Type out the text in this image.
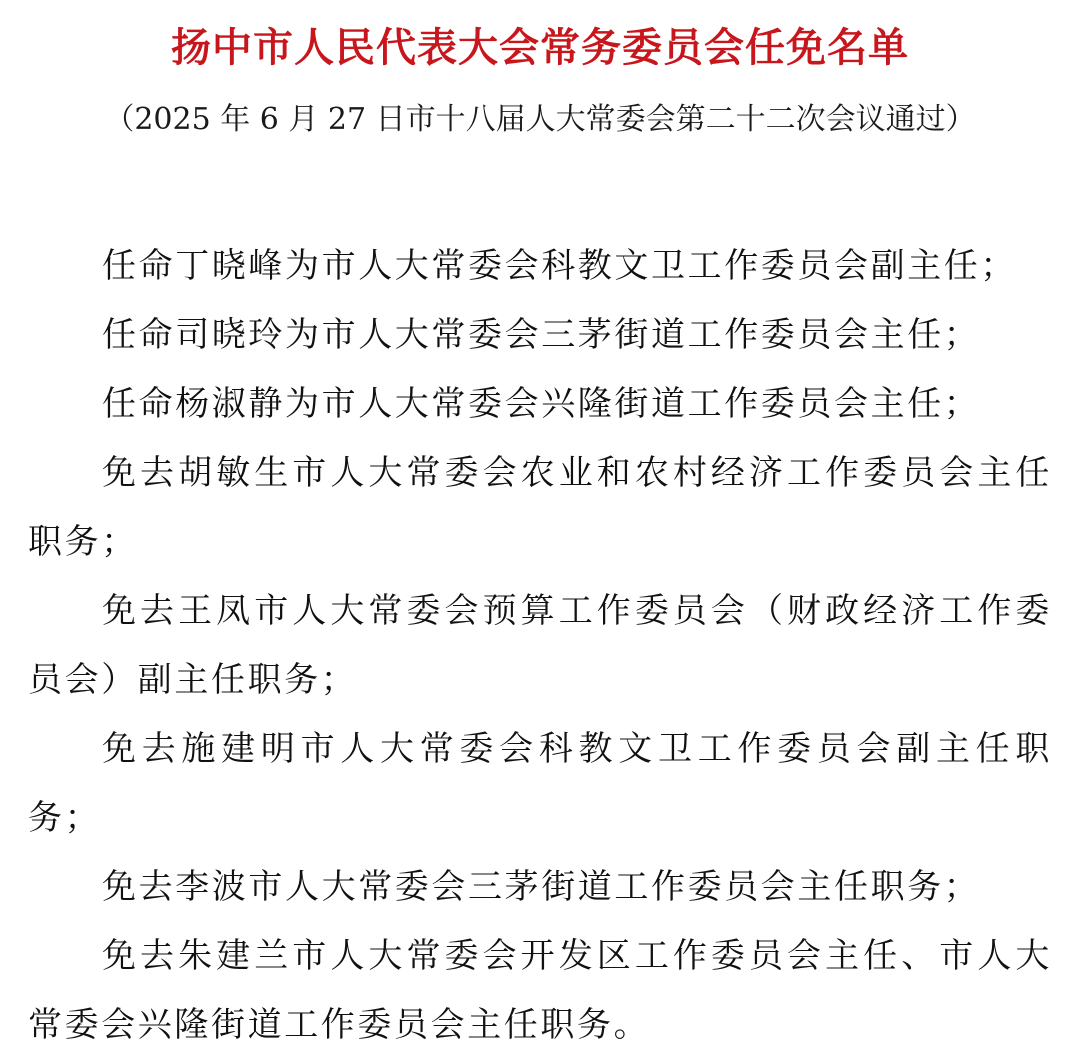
扬中市人民代表大会常务委员会任免名单
（2025 年 6 月 27 日市十八届人大常委会第二十二次会议通过）

任命丁晓峰为市人大常委会科教文卫工作委员会副主任；

任命司晓玲为市人大常委会三茅街道工作委员会主任；

任命杨淑静为市人大常委会兴隆街道工作委员会主任；

免去胡敏生市人大常委会农业和农村经济工作委员会主任职务；

免去王凤市人大常委会预算工作委员会（财政经济工作委员会）副主任职务；

免去施建明市人大常委会科教文卫工作委员会副主任职务；

免去李波市人大常委会三茅街道工作委员会主任职务；

免去朱建兰市人大常委会开发区工作委员会主任、市人大常委会兴隆街道工作委员会主任职务。
